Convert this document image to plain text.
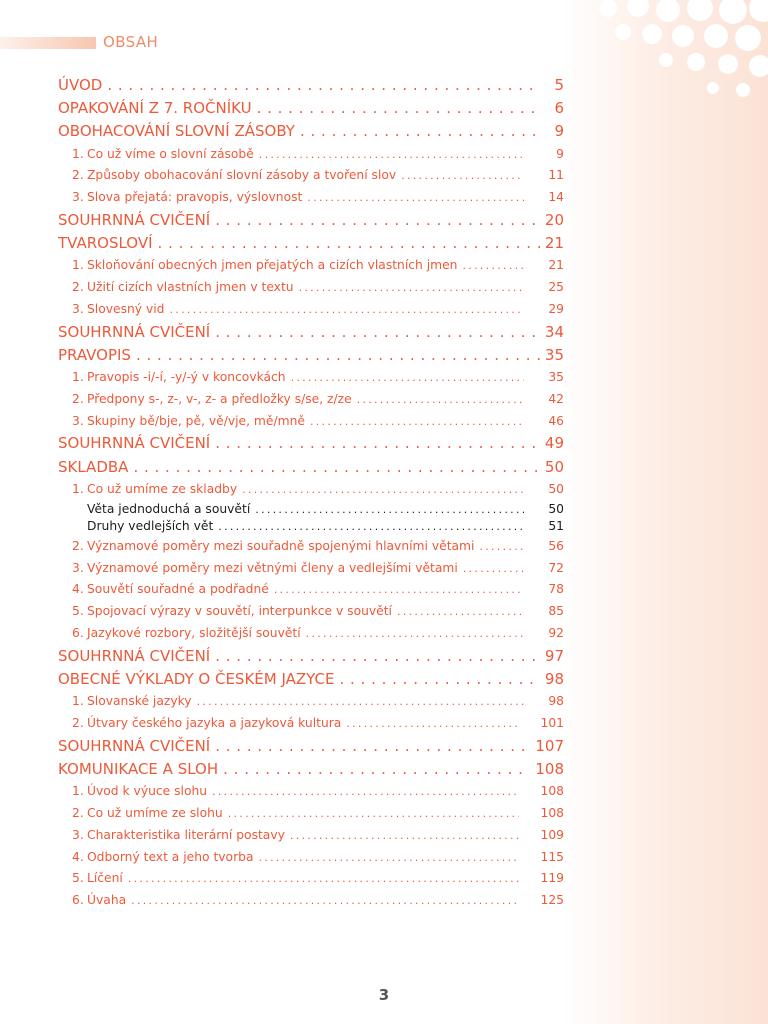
OBSAH
ÚVOD . . .	5
OPAKOVÁNÍ Z 7. ROČNÍKU . . .	6
OBOHACOVÁNÍ SLOVNÍ ZÁSOBY . . .	9
1. Co už víme o slovní zásobě . . .	9
2. Způsoby obohacování slovní zásoby a tvoření slov . . .	11
3. Slova přejatá: pravopis, výslovnost . . .	14
SOUHRNNÁ CVIČENÍ . . .	20
TVAROSLOVÍ . . .	21
1. Skloňování obecných jmen přejatých a cizích vlastních jmen . . .	21
2. Užití cizích vlastních jmen v textu . . .	25
3. Slovesný vid . . .	29
SOUHRNNÁ CVIČENÍ . . .	34
PRAVOPIS . . .	35
1. Pravopis -i/-í, -y/-ý v koncovkách . . .	35
2. Předpony s-, z-, v-, z- a předložky s/se, z/ze . . .	42
3. Skupiny bě/bje, pě, vě/vje, mě/mně . . .	46
SOUHRNNÁ CVIČENÍ . . .	49
SKLADBA . . .	50
1. Co už umíme ze skladby . . .	50
Věta jednoduchá a souvětí . . .	50
Druhy vedlejších vět . . .	51
2. Významové poměry mezi souřadně spojenými hlavními větami . . .	56
3. Významové poměry mezi větnými členy a vedlejšími větami . . .	72
4. Souvětí souřadné a podřadné . . .	78
5. Spojovací výrazy v souvětí, interpunkce v souvětí . . .	85
6. Jazykové rozbory, složitější souvětí . . .	92
SOUHRNNÁ CVIČENÍ . . .	97
OBECNÉ VÝKLADY O ČESKÉM JAZYCE . . .	98
1. Slovanské jazyky . . .	98
2. Útvary českého jazyka a jazyková kultura . . .	101
SOUHRNNÁ CVIČENÍ . . .	107
KOMUNIKACE A SLOH . . .	108
1. Úvod k výuce slohu . . .	108
2. Co už umíme ze slohu . . .	108
3. Charakteristika literární postavy . . .	109
4. Odborný text a jeho tvorba . . .	115
5. Líčení . . .	119
6. Úvaha . . .	125
3
